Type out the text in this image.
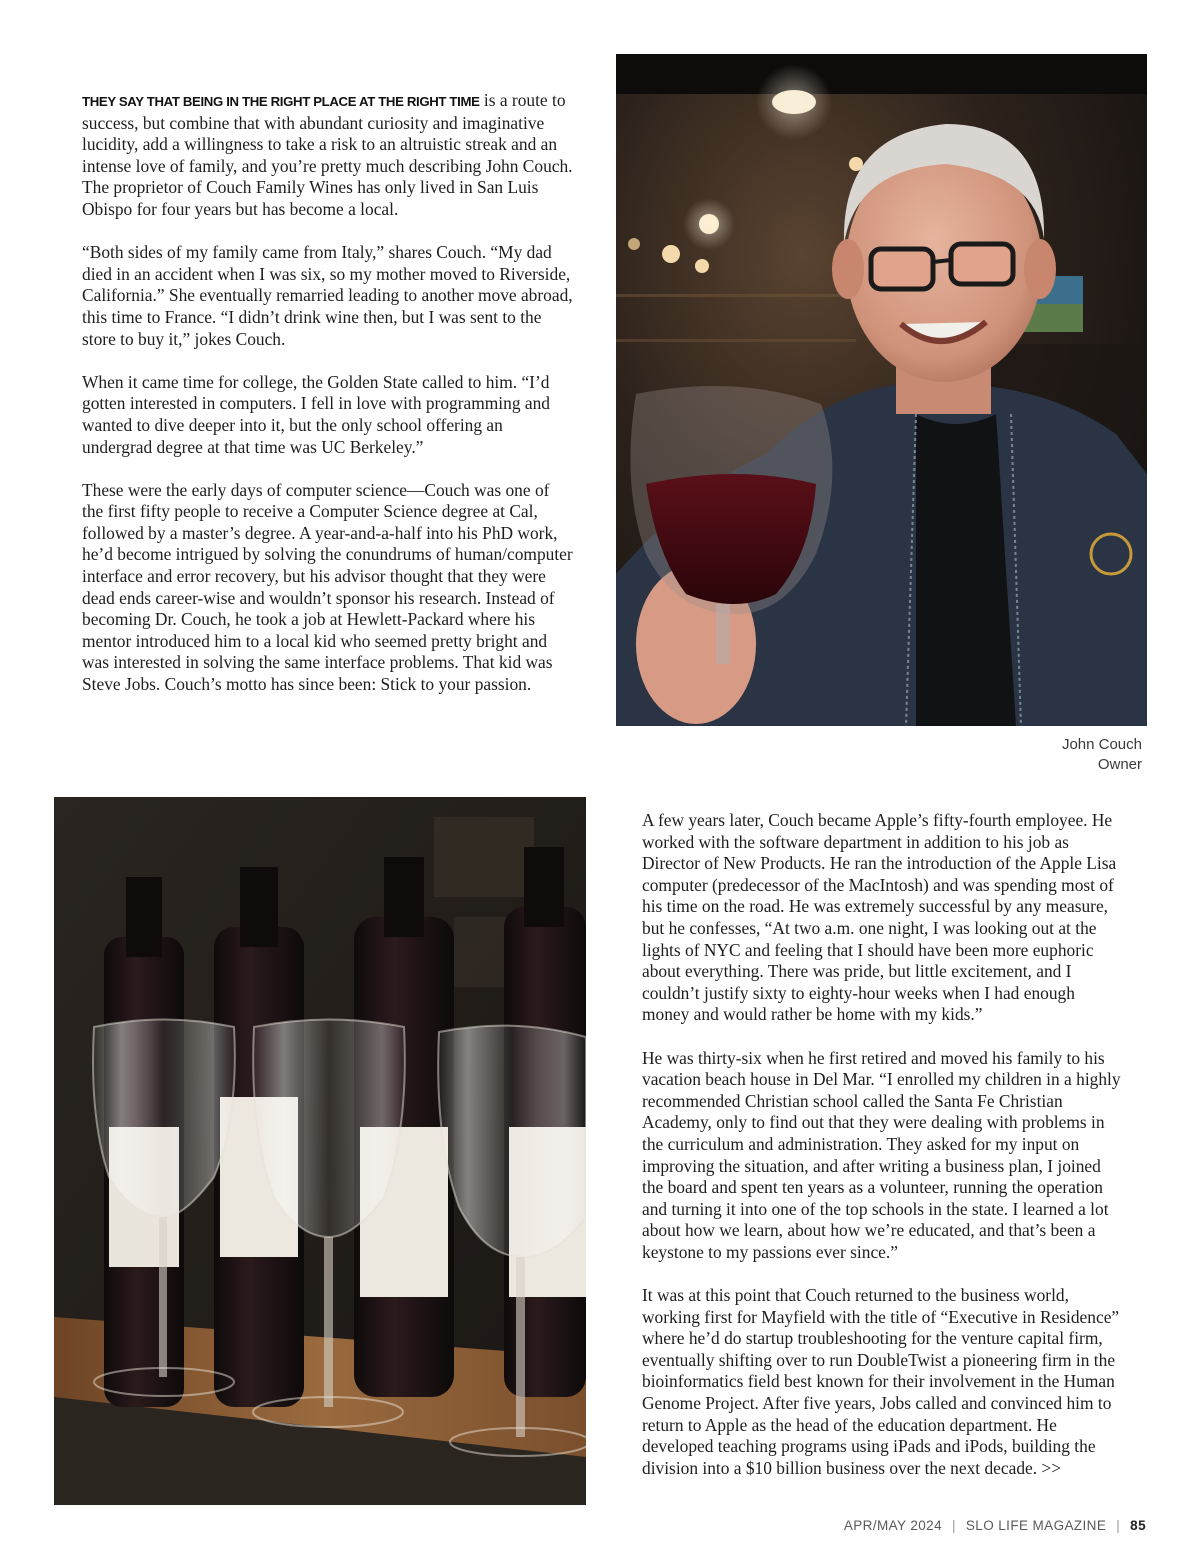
THEY SAY THAT BEING IN THE RIGHT PLACE AT THE RIGHT TIME is a route to success, but combine that with abundant curiosity and imaginative lucidity, add a willingness to take a risk to an altruistic streak and an intense love of family, and you’re pretty much describing John Couch. The proprietor of Couch Family Wines has only lived in San Luis Obispo for four years but has become a local.

“Both sides of my family came from Italy,” shares Couch. “My dad died in an accident when I was six, so my mother moved to Riverside, California.” She eventually remarried leading to another move abroad, this time to France. “I didn’t drink wine then, but I was sent to the store to buy it,” jokes Couch.

When it came time for college, the Golden State called to him. “I’d gotten interested in computers. I fell in love with programming and wanted to dive deeper into it, but the only school offering an undergrad degree at that time was UC Berkeley.”

These were the early days of computer science—Couch was one of the first fifty people to receive a Computer Science degree at Cal, followed by a master’s degree. A year-and-a-half into his PhD work, he’d become intrigued by solving the conundrums of human/computer interface and error recovery, but his advisor thought that they were dead ends career-wise and wouldn’t sponsor his research. Instead of becoming Dr. Couch, he took a job at Hewlett-Packard where his mentor introduced him to a local kid who seemed pretty bright and was interested in solving the same interface problems. That kid was Steve Jobs. Couch’s motto has since been: Stick to your passion.

John Couch
Owner

A few years later, Couch became Apple’s fifty-fourth employee. He worked with the software department in addition to his job as Director of New Products. He ran the introduction of the Apple Lisa computer (predecessor of the MacIntosh) and was spending most of his time on the road. He was extremely successful by any measure, but he confesses, “At two a.m. one night, I was looking out at the lights of NYC and feeling that I should have been more euphoric about everything. There was pride, but little excitement, and I couldn’t justify sixty to eighty-hour weeks when I had enough money and would rather be home with my kids.”

He was thirty-six when he first retired and moved his family to his vacation beach house in Del Mar. “I enrolled my children in a highly recommended Christian school called the Santa Fe Christian Academy, only to find out that they were dealing with problems in the curriculum and administration. They asked for my input on improving the situation, and after writing a business plan, I joined the board and spent ten years as a volunteer, running the operation and turning it into one of the top schools in the state. I learned a lot about how we learn, about how we’re educated, and that’s been a keystone to my passions ever since.”

It was at this point that Couch returned to the business world, working first for Mayfield with the title of “Executive in Residence” where he’d do startup troubleshooting for the venture capital firm, eventually shifting over to run DoubleTwist a pioneering firm in the bioinformatics field best known for their involvement in the Human Genome Project. After five years, Jobs called and convinced him to return to Apple as the head of the education department. He developed teaching programs using iPads and iPods, building the division into a $10 billion business over the next decade. >>

APR/MAY 2024 | SLO LIFE MAGAZINE | 85
